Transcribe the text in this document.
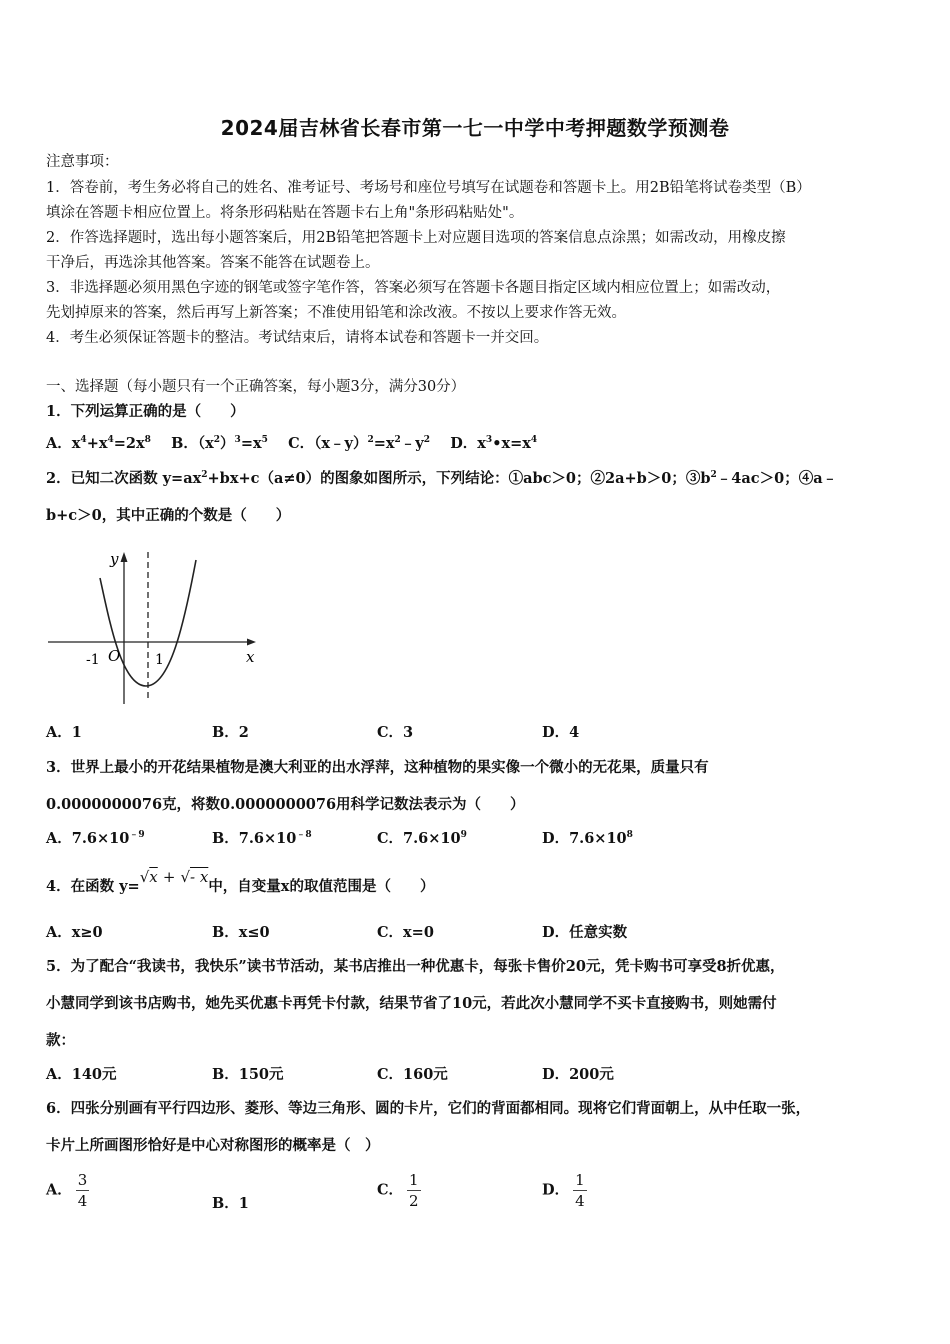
2024届吉林省长春市第一七一中学中考押题数学预测卷
注意事项：
1．答卷前，考生务必将自己的姓名、准考证号、考场号和座位号填写在试题卷和答题卡上。用2B铅笔将试卷类型（B）
填涂在答题卡相应位置上。将条形码粘贴在答题卡右上角"条形码粘贴处"。
2．作答选择题时，选出每小题答案后，用2B铅笔把答题卡上对应题目选项的答案信息点涂黑；如需改动，用橡皮擦
干净后，再选涂其他答案。答案不能答在试题卷上。
3．非选择题必须用黑色字迹的钢笔或签字笔作答，答案必须写在答题卡各题目指定区域内相应位置上；如需改动，
先划掉原来的答案，然后再写上新答案；不准使用铅笔和涂改液。不按以上要求作答无效。
4．考生必须保证答题卡的整洁。考试结束后，请将本试卷和答题卡一并交回。
一、选择题（每小题只有一个正确答案，每小题3分，满分30分）
1．下列运算正确的是（　　）
A．$x^4+x^4=2x^8$ B．$(x^2)^3=x^5$ C．$(x﹣y)^2=x^2﹣y^2$ D．$x^3•x=x^4$
2．已知二次函数 $y=ax^2+bx+c(a\ne 0)$的图象如图所示，下列结论：①abc＞0；②2a+b＞0；$③b^2﹣4ac>0$；④a﹣
b+c＞0，其中正确的个数是（　　）
y
x
O
-1	1
A．1	B．2	C．3	D．4
3．世界上最小的开花结果植物是澳大利亚的出水浮萍，这种植物的果实像一个微小的无花果，质量只有
0.0000000076克，将数0.0000000076用科学记数法表示为（　　）
A．$7.6\times 10^{﹣9}$	B．$7.6\times 10^{﹣8}$	C．$7.6\times 10^9$	D．$7.6\times 10^8$
4．在函数 y=√x + √- x中，自变量x的取值范围是（　　）
A．x≥0	B．x≤0	C．x=0	D．任意实数
5．为了配合“我读书，我快乐”读书节活动，某书店推出一种优惠卡，每张卡售价20元，凭卡购书可享受8折优惠，
小慧同学到该书店购书，她先买优惠卡再凭卡付款，结果节省了10元，若此次小慧同学不买卡直接购书，则她需付
款：
A．140元	B．150元	C．160元	D．200元
6．四张分别画有平行四边形、菱形、等边三角形、圆的卡片，它们的背面都相同。现将它们背面朝上，从中任取一张，
卡片上所画图形恰好是中心对称图形的概率是（　）
A． $\frac{3}{4}$	B．1
C． $\frac{1}{2}$	D． $\frac{1}{4}$
